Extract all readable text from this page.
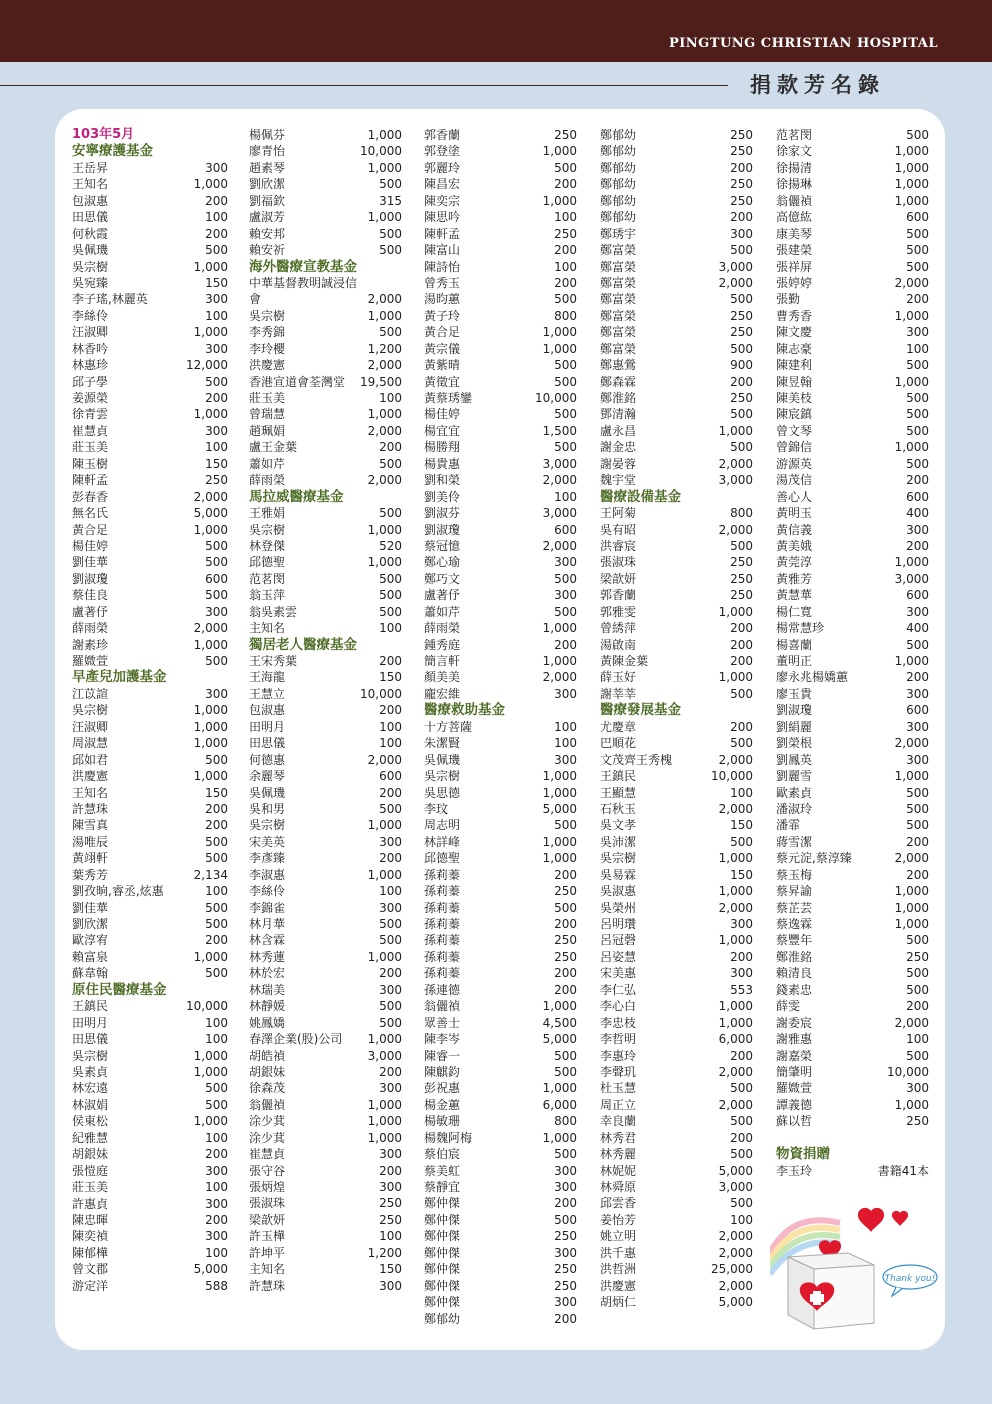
PINGTUNG CHRISTIAN HOSPITAL
捐款芳名錄
103年5月
安寧療護基金
王岳昇	300
王知名	1,000
包淑惠	200
田思儀	100
何秋霞	200
吳佩璣	500
吳宗樹	1,000
吳宛臻	150
李子瑤,林麗英	300
李絲伶	100
汪淑卿	1,000
林香吟	300
林惠珍	12,000
邱子學	500
姜源榮	200
徐青雲	1,000
崔慧貞	300
莊玉美	100
陳玉樹	150
陳軒孟	250
彭春香	2,000
無名氏	5,000
黃合足	1,000
楊佳婷	500
劉佳華	500
劉淑瓊	600
蔡佳良	500
盧著伃	300
薛雨榮	2,000
謝素珍	1,000
羅媺萱	500
早產兒加護基金
江苡諠	300
吳宗樹	1,000
汪淑卿	1,000
周淑慧	1,000
邱如君	500
洪慶憲	1,000
王知名	150
許慧珠	200
陳雪真	200
湯唯辰	500
黃翊軒	500
葉秀芳	2,134
劉孜晌,睿丞,炫惠	100
劉佳華	500
劉欣潔	500
歐淳宥	200
賴富泉	1,000
蘇韋翰	500
原住民醫療基金
王鎮民	10,000
田明月	100
田思儀	100
吳宗樹	1,000
吳素貞	1,000
林宏遠	500
林淑娟	500
侯東松	1,000
紀雅慧	100
胡銀妹	200
張愷庭	300
莊玉美	100
許惠貞	300
陳忠暉	200
陳奕禎	300
陳郁樺	100
曾文郡	5,000
游定洋	588
楊佩芬	1,000
廖青怡	10,000
趙素琴	1,000
劉欣潔	500
劉福欽	315
盧淑芳	1,000
賴安邦	500
賴安祈	500
海外醫療宣教基金
中華基督教明誠浸信
會	2,000
吳宗樹	1,000
李秀錦	500
李玲櫻	1,200
洪慶憲	2,000
香港宣道會荃灣堂 19,500
莊玉美	100
曾瑞慧	1,000
趙珮娟	2,000
盧王金葉	200
蕭如芹	500
薛雨榮	2,000
馬拉威醫療基金
王雅娟	500
吳宗樹	1,000
林登傑	520
邱德聖	1,000
范茗閔	500
翁玉萍	500
翁吳素雲	500
主知名	100
獨居老人醫療基金
王宋秀葉	200
王海龍	150
王慧立	10,000
包淑惠	200
田明月	100
田思儀	100
何德惠	2,000
余麗琴	600
吳佩璣	200
吳和男	500
吳宗樹	1,000
宋美英	300
李彥臻	200
李淑惠	1,000
李絲伶	100
李錦雀	300
林月華	500
林含霖	500
林秀蓮	1,000
林於宏	200
林瑞美	300
林靜媛	500
姚鳳嬌	500
春澤企業(股)公司 1,000
胡皓禎	3,000
胡銀妹	200
徐森茂	300
翁儷禎	1,000
涂少萁	1,000
涂少萁	1,000
崔慧貞	300
張守谷	200
張炳煌	300
張淑珠	250
梁歆妍	250
許玉樺	100
許坤平	1,200
主知名	150
許慧珠	300
郭香蘭	250
郭登塗	1,000
郭麗玲	500
陳昌宏	200
陳奕宗	1,000
陳思吟	100
陳軒孟	250
陳富山	200
陳詩怡	100
曾秀玉	200
湯昀蕙	500
黃子玲	800
黃合足	1,000
黃宗儀	1,000
黃紫晴	500
黃徵宜	500
黃蔡琇鑾	10,000
楊佳婷	500
楊宜宜	1,500
楊勝翔	500
楊貴惠	3,000
劉和榮	2,000
劉美伶	100
劉淑芬	3,000
劉淑瓊	600
蔡冠憶	2,000
鄭心瑜	300
鄭巧文	500
盧著伃	300
蕭如芹	500
薛雨榮	1,000
鍾秀庭	200
簡言軒	1,000
顏美美	2,000
龐宏維	300
醫療救助基金
十方菩薩	100
朱潔賢	100
吳佩璣	300
吳宗樹	1,000
吳思德	1,000
李玟	5,000
周志明	500
林詳峰	1,000
邱德聖	1,000
孫莉蓁	200
孫莉蓁	250
孫莉蓁	500
孫莉蓁	200
孫莉蓁	250
孫莉蓁	250
孫莉蓁	200
孫連德	200
翁儷禎	1,000
眾善士	4,500
陳李岑	5,000
陳睿一	500
陳麒鈞	500
彭祝惠	1,000
楊金蕙	6,000
楊敏珊	800
楊魏阿梅	1,000
蔡伯宸	500
蔡美虹	300
蔡靜宜	300
鄭仲傑	200
鄭仲傑	500
鄭仲傑	250
鄭仲傑	300
鄭仲傑	250
鄭仲傑	250
鄭仲傑	300
鄭郁幼	200
鄭郁幼	250
鄭郁幼	250
鄭郁幼	200
鄭郁幼	250
鄭郁幼	250
鄭郁幼	200
鄭琇宇	300
鄭富榮	500
鄭富榮	3,000
鄭富榮	2,000
鄭富榮	500
鄭富榮	250
鄭富榮	250
鄭富榮	500
鄭惠鶯	900
鄭森霖	200
鄭淮銘	250
鄧清瀚	500
盧永昌	1,000
謝金忠	500
謝晏蓉	2,000
魏宇堂	3,000
醫療設備基金
王阿菊	800
吳有昭	2,000
洪睿宸	500
張淑珠	250
梁歆妍	250
郭香蘭	250
郭雅雯	1,000
曾綉萍	200
湯啟南	200
黃陳金葉	200
薛玉好	1,000
謝莘莘	500
醫療發展基金
尤慶章	200
巴順花	500
文茂齊王秀槐	2,000
王鎮民	10,000
王顯慧	100
石秋玉	2,000
吳文孝	150
吳沛潔	500
吳宗樹	1,000
吳易霖	150
吳淑惠	1,000
吳榮州	2,000
呂明瓚	300
呂冠磬	1,000
呂姿慧	200
宋美惠	300
李仁弘	553
李心白	1,000
李忠枝	1,000
李哲明	6,000
李惠玲	200
李聲玑	2,000
杜玉慧	500
周正立	2,000
幸良蘭	500
林秀君	200
林秀麗	500
林妮妮	5,000
林舜原	3,000
邱雲香	500
姜怡芳	100
姚立明	2,000
洪千惠	2,000
洪哲洲	25,000
洪慶憲	2,000
胡炳仁	5,000
范茗閔	500
徐家文	1,000
徐揚清	1,000
徐揚琳	1,000
翁儷禎	1,000
高億紘	600
康美琴	500
張建榮	500
張祥屏	500
張婷婷	2,000
張勤	200
曹秀香	1,000
陳文慶	300
陳志豪	100
陳建利	500
陳昱翰	1,000
陳美枝	500
陳宸鎮	500
曾文琴	500
曾錦信	1,000
游源英	500
湯茂信	200
善心人	600
黃明玉	400
黃信義	300
黃美娥	200
黃莞淳	1,000
黃雅芳	3,000
黃慧華	600
楊仁寬	300
楊常慧珍	400
楊喜蘭	500
董明正	1,000
廖永兆楊嬌蕙	200
廖玉貴	300
劉淑瓊	600
劉絹麗	300
劉榮根	2,000
劉鳳英	300
劉麗雪	1,000
歐素貞	500
潘淑玲	500
潘霏	500
蔣雪潔	200
蔡元淀,蔡淳臻	2,000
蔡玉梅	200
蔡昇諭	1,000
蔡芷芸	1,000
蔡逸霖	1,000
蔡豐年	500
鄭淮銘	250
賴清良	500
錢素忠	500
薛雯	200
謝委宸	2,000
謝雅惠	100
謝嘉榮	500
簡肇明	10,000
羅媺萱	300
譚義德	1,000
蘇以哲	250
物資捐贈
李玉玲	書籍41本
Thank you!
